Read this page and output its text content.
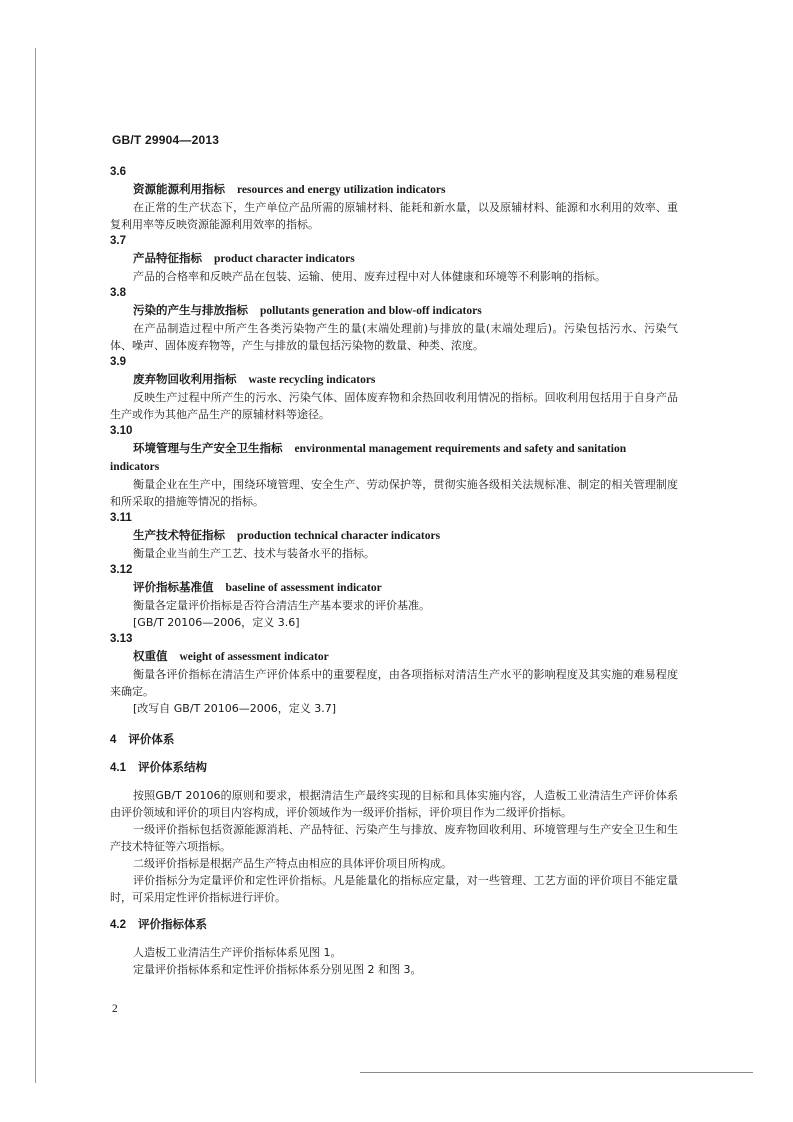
GB/T 29904—2013
3.6
资源能源利用指标 resources and energy utilization indicators

在正常的生产状态下，生产单位产品所需的原辅材料、能耗和新水量，以及原辅材料、能源和水利用的效率、重复利用率等反映资源能源利用效率的指标。

3.7
产品特征指标 product character indicators

产品的合格率和反映产品在包装、运输、使用、废弃过程中对人体健康和环境等不利影响的指标。

3.8
污染的产生与排放指标 pollutants generation and blow-off indicators

在产品制造过程中所产生各类污染物产生的量(末端处理前)与排放的量(末端处理后)。污染包括污水、污染气体、噪声、固体废弃物等，产生与排放的量包括污染物的数量、种类、浓度。

3.9
废弃物回收利用指标 waste recycling indicators

反映生产过程中所产生的污水、污染气体、固体废弃物和余热回收利用情况的指标。回收利用包括用于自身产品生产或作为其他产品生产的原辅材料等途径。

3.10
环境管理与生产安全卫生指标 environmental management requirements and safety and sanitation indicators

衡量企业在生产中，围绕环境管理、安全生产、劳动保护等，贯彻实施各级相关法规标准、制定的相关管理制度和所采取的措施等情况的指标。

3.11
生产技术特征指标 production technical character indicators

衡量企业当前生产工艺、技术与装备水平的指标。

3.12
评价指标基准值 baseline of assessment indicator

衡量各定量评价指标是否符合清洁生产基本要求的评价基准。

[GB/T 20106—2006，定义 3.6]

3.13
权重值 weight of assessment indicator

衡量各评价指标在清洁生产评价体系中的重要程度，由各项指标对清洁生产水平的影响程度及其实施的难易程度来确定。

[改写自 GB/T 20106—2006，定义 3.7]

4 评价体系
4.1 评价体系结构

按照GB/T 20106的原则和要求，根据清洁生产最终实现的目标和具体实施内容，人造板工业清洁生产评价体系由评价领域和评价的项目内容构成，评价领域作为一级评价指标，评价项目作为二级评价指标。

一级评价指标包括资源能源消耗、产品特征、污染产生与排放、废弃物回收利用、环境管理与生产安全卫生和生产技术特征等六项指标。

二级评价指标是根据产品生产特点由相应的具体评价项目所构成。

评价指标分为定量评价和定性评价指标。凡是能量化的指标应定量，对一些管理、工艺方面的评价项目不能定量时，可采用定性评价指标进行评价。

4.2 评价指标体系

人造板工业清洁生产评价指标体系见图 1。

定量评价指标体系和定性评价指标体系分别见图 2 和图 3。

2
